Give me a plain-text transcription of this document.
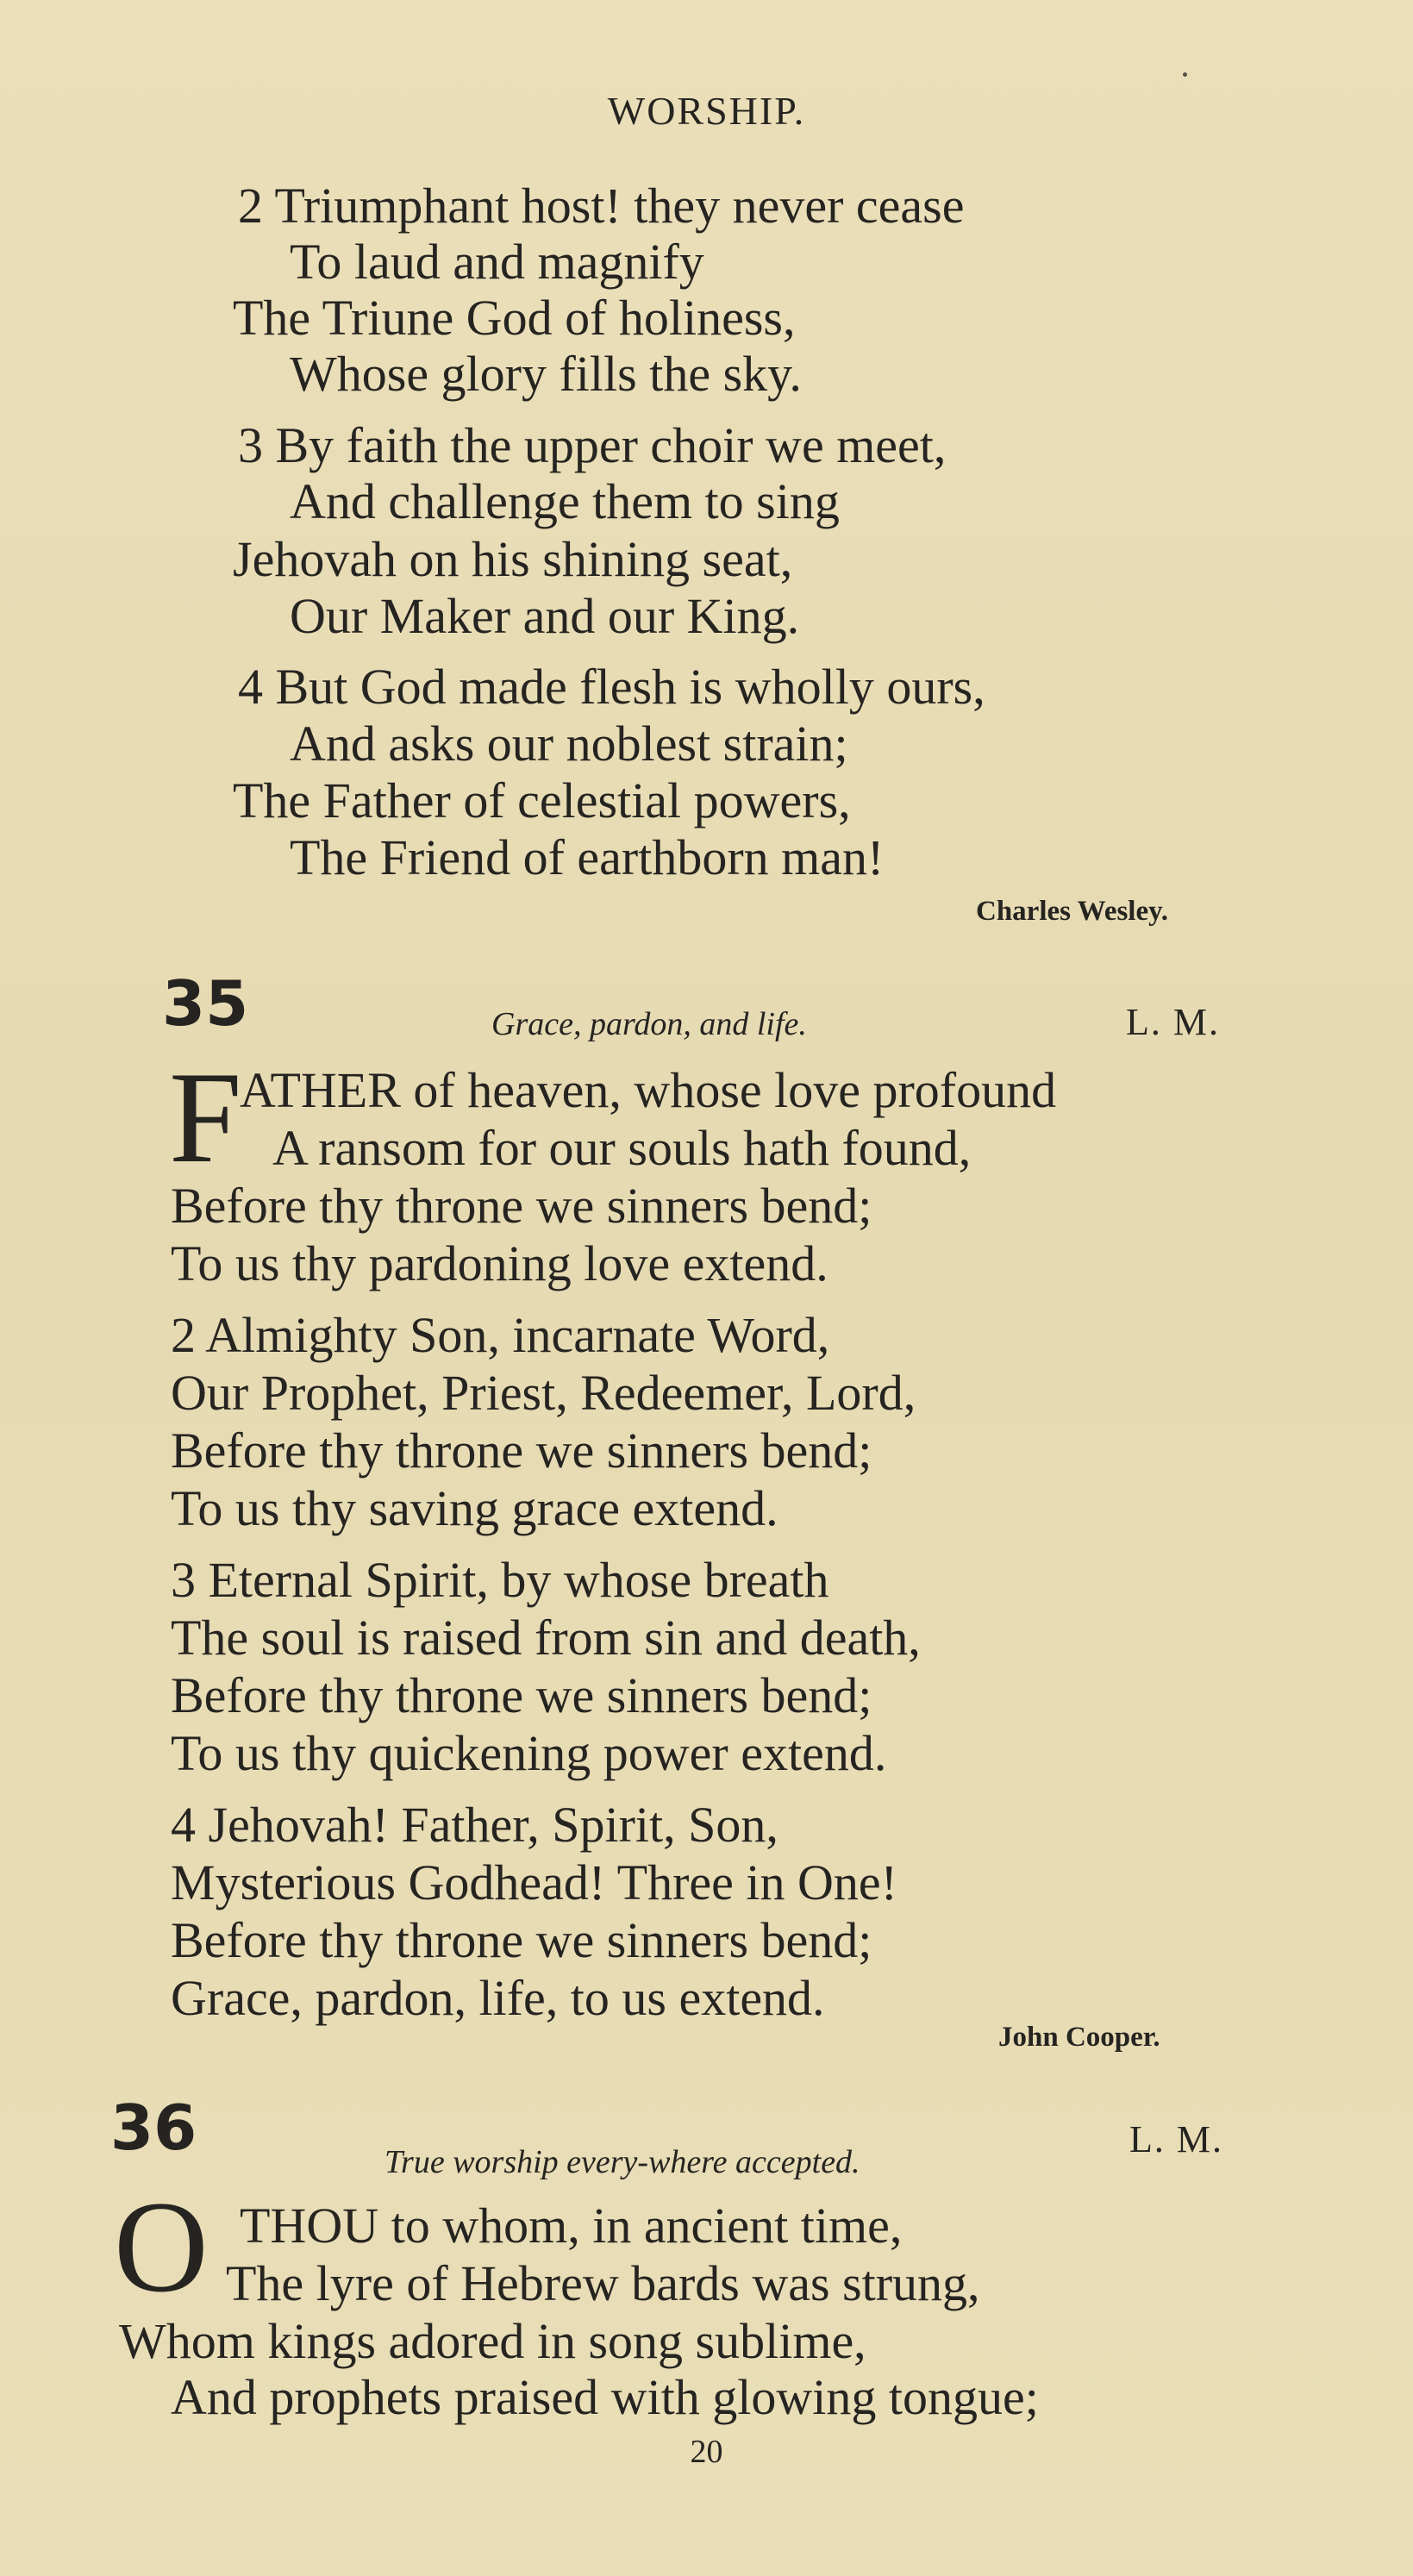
WORSHIP.
2 Triumphant host! they never cease
To laud and magnify
The Triune God of holiness,
Whose glory fills the sky.
3 By faith the upper choir we meet,
And challenge them to sing
Jehovah on his shining seat,
Our Maker and our King.
4 But God made flesh is wholly ours,
And asks our noblest strain;
The Father of celestial powers,
The Friend of earthborn man!
Charles Wesley.
35	Grace, pardon, and life.	L. M.
F
ATHER of heaven, whose love profound
A ransom for our souls hath found,
Before thy throne we sinners bend;
To us thy pardoning love extend.
2 Almighty Son, incarnate Word,
Our Prophet, Priest, Redeemer, Lord,
Before thy throne we sinners bend;
To us thy saving grace extend.
3 Eternal Spirit, by whose breath
The soul is raised from sin and death,
Before thy throne we sinners bend;
To us thy quickening power extend.
4 Jehovah! Father, Spirit, Son,
Mysterious Godhead! Three in One!
Before thy throne we sinners bend;
Grace, pardon, life, to us extend.
John Cooper.
36	True worship every-where accepted.
L. M.
O THOU to whom, in ancient time,
The lyre of Hebrew bards was strung,
Whom kings adored in song sublime,
And prophets praised with glowing tongue;
20
